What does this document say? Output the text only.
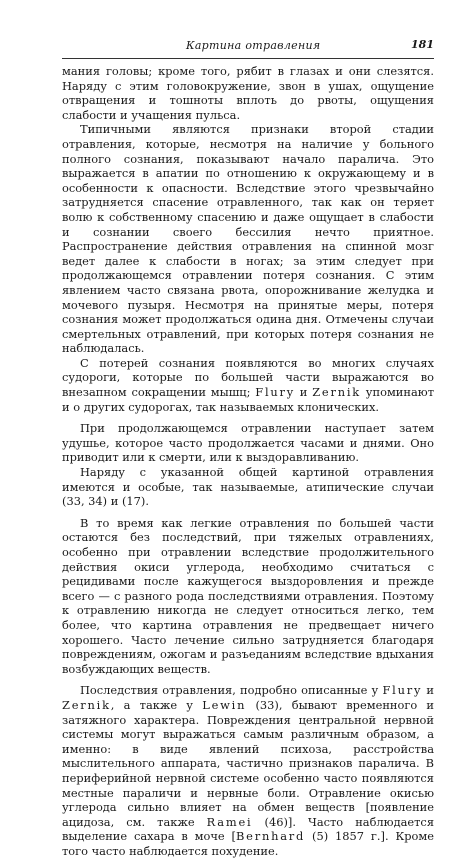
Картина отравления	181

мания головы; кроме того, рябит в глазах и они слезятся. Наряду с этим головокружение, звон в ушах, ощущение отвращения и тошноты вплоть до рвоты, ощущения слабости и учащения пульса.

Типичными являются признаки второй стадии отравления, которые, несмотря на наличие у больного полного сознания, показывают начало паралича. Это выражается в апатии по отношению к окружающему и в особенности к опасности. Вследствие этого чрезвычайно затрудняется спасение отравленного, так как он теряет волю к собственному спасению и даже ощущает в слабости и сознании своего бессилия нечто приятное. Распространение действия отравления на спинной мозг ведет далее к слабости в ногах; за этим следует при продолжающемся отравлении потеря сознания. С этим явлением часто связана рвота, опорожнивание желудка и мочевого пузыря. Несмотря на принятые меры, потеря сознания может продолжаться одина дня. Отмечены случаи смертельных отравлений, при которых потеря сознания не наблюдалась.

С потерей сознания появляются во многих случаях судороги, которые по большей части выражаются во внезапном сокращении мышц; Flury и Zernik упоминают и о других судорогах, так называемых клонических.

При продолжающемся отравлении наступает затем удушье, которое часто продолжается часами и днями. Оно приводит или к смерти, или к выздоравливанию.

Наряду с указанной общей картиной отравления имеются и особые, так называемые, атипические случаи (33, 34) и (17).

В то время как легкие отравления по большей части остаются без последствий, при тяжелых отравлениях, особенно при отравлении вследствие продолжительного действия окиси углерода, необходимо считаться с рецидивами после кажущегося выздоровления и прежде всего — с разного рода последствиями отравления. Поэтому к отравлению никогда не следует относиться легко, тем более, что картина отравления не предвещает ничего хорошего. Часто лечение сильно затрудняется благодаря повреждениям, ожогам и разъеданиям вследствие вдыхания возбуждающих веществ.

Последствия отравления, подробно описанные у Flury и Zernik, а также у Lewin (33), бывают временного и затяжного характера. Повреждения центральной нервной системы могут выражаться самым различным образом, а именно: в виде явлений психоза, расстройства мыслительного аппарата, частично признаков паралича. В периферийной нервной системе особенно часто появляются местные параличи и нервные боли. Отравление окисью углерода сильно влияет на обмен веществ [появление ацидоза, см. также Ramei (46)]. Часто наблюдается выделение сахара в моче [Bernhard (5) 1857 г.]. Кроме того часто наблюдается похудение.
